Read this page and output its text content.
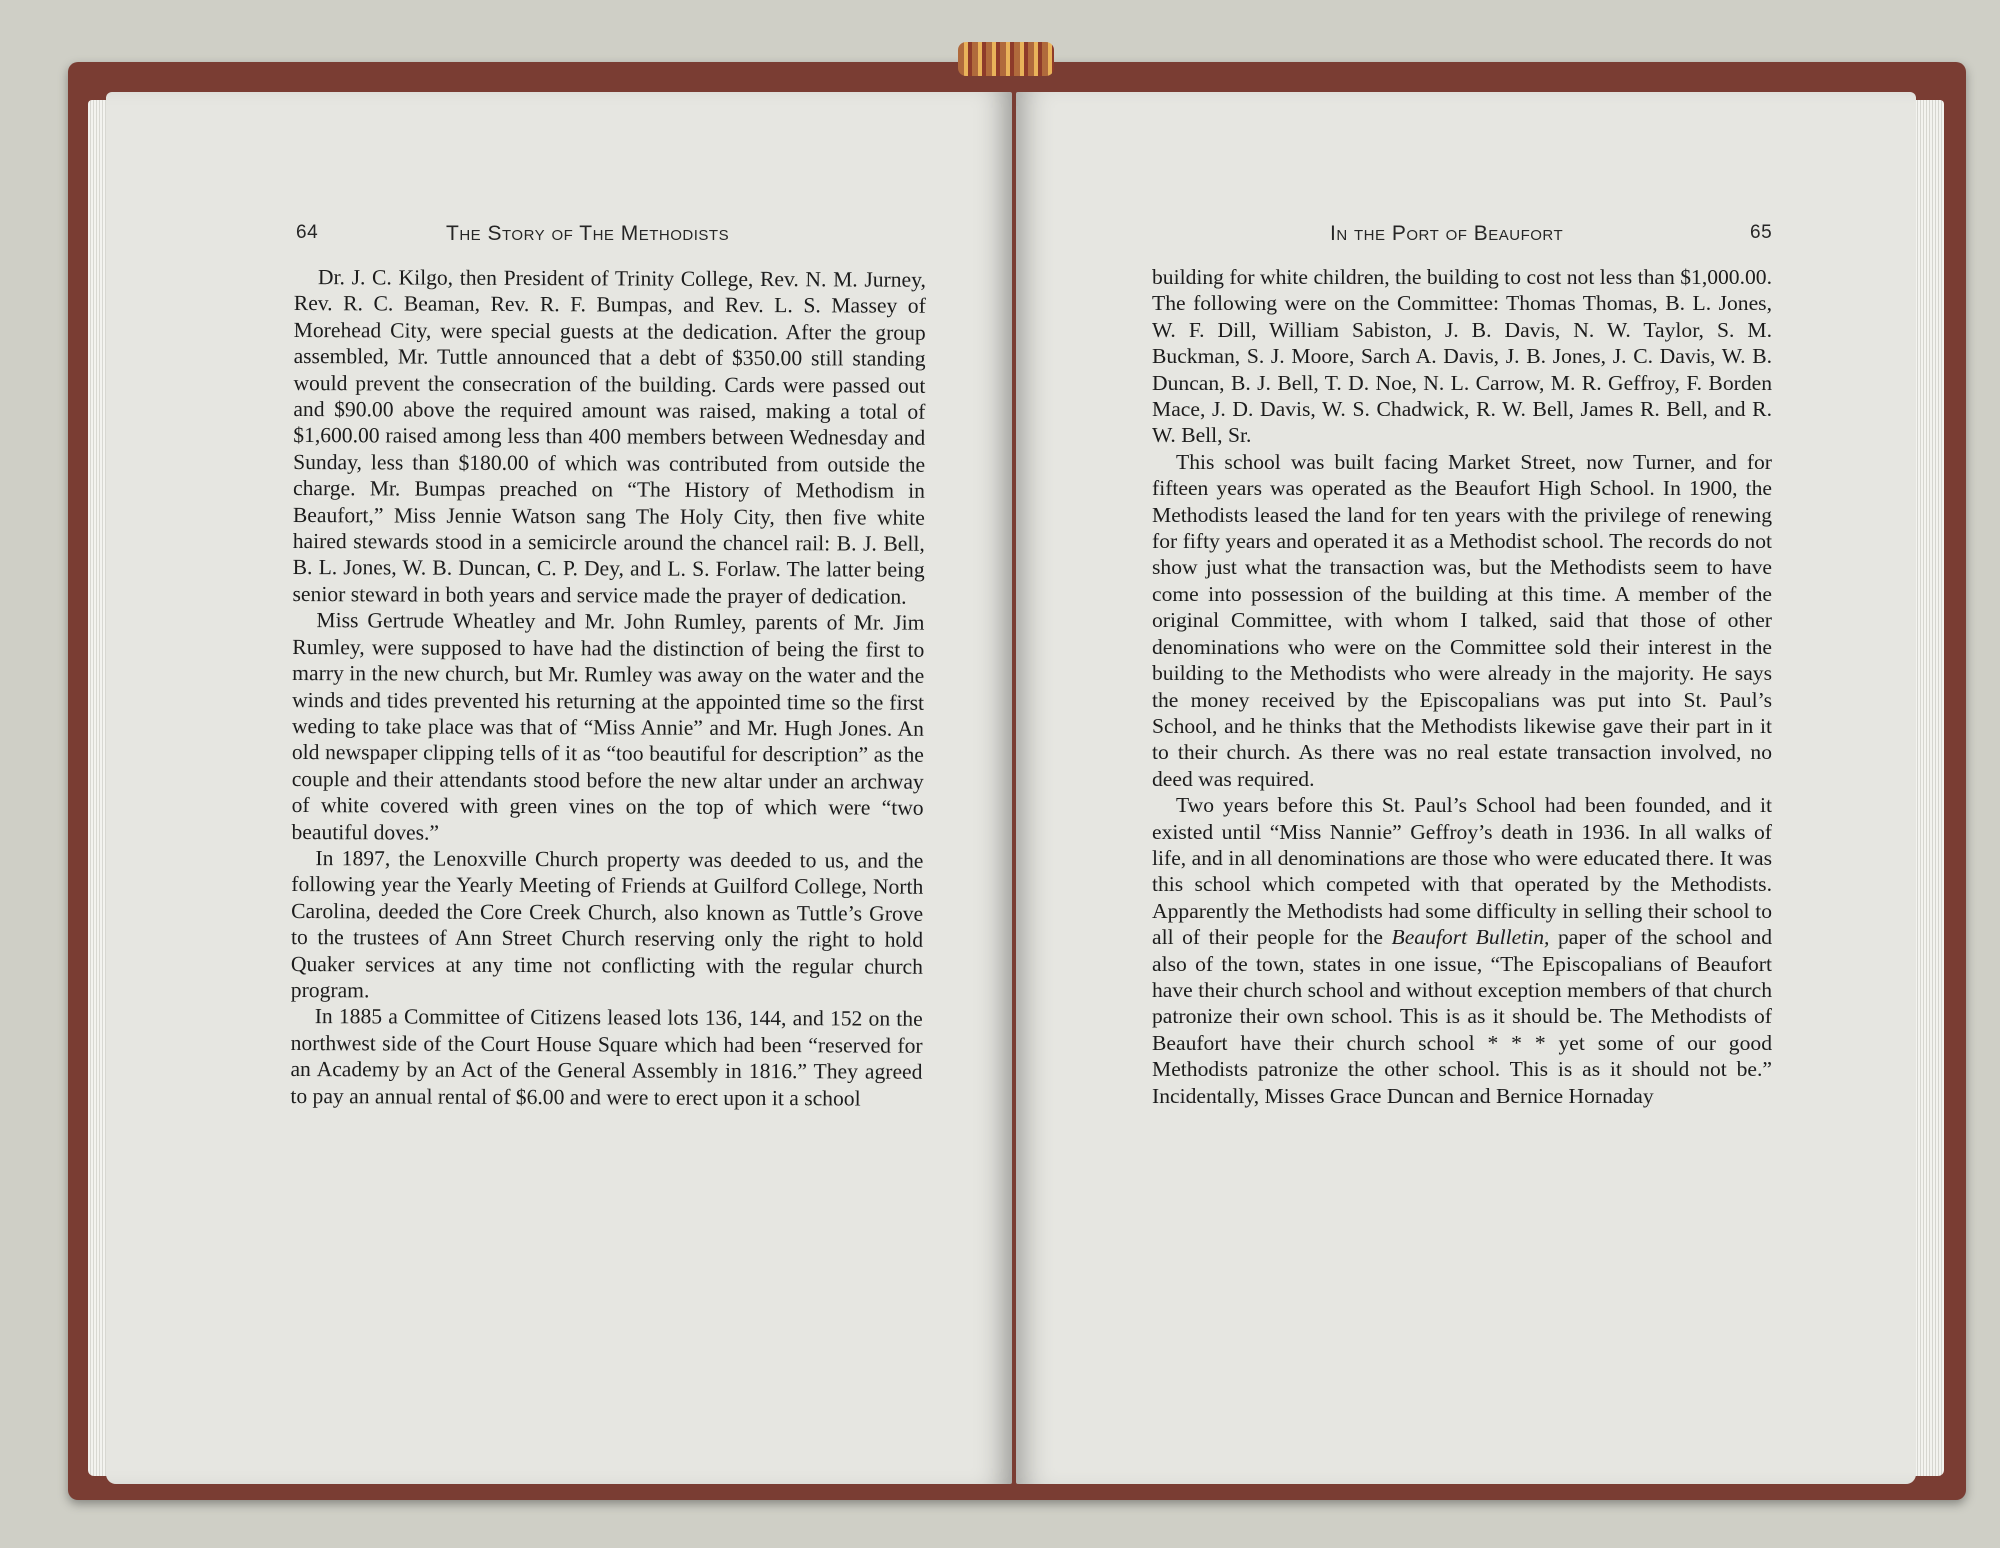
64	The Story of The Methodists

Dr. J. C. Kilgo, then President of Trinity College, Rev. N. M. Jurney, Rev. R. C. Beaman, Rev. R. F. Bumpas, and Rev. L. S. Massey of Morehead City, were special guests at the dedication. After the group assembled, Mr. Tuttle announced that a debt of $350.00 still standing would prevent the consecration of the building. Cards were passed out and $90.00 above the required amount was raised, making a total of $1,600.00 raised among less than 400 members between Wednesday and Sunday, less than $180.00 of which was contributed from outside the charge. Mr. Bumpas preached on “The History of Methodism in Beaufort,” Miss Jennie Watson sang The Holy City, then five white haired stewards stood in a semicircle around the chancel rail: B. J. Bell, B. L. Jones, W. B. Duncan, C. P. Dey, and L. S. Forlaw. The latter being senior steward in both years and service made the prayer of dedication.

Miss Gertrude Wheatley and Mr. John Rumley, parents of Mr. Jim Rumley, were supposed to have had the distinction of being the first to marry in the new church, but Mr. Rumley was away on the water and the winds and tides prevented his returning at the appointed time so the first weding to take place was that of “Miss Annie” and Mr. Hugh Jones. An old newspaper clipping tells of it as “too beautiful for description” as the couple and their attendants stood before the new altar under an archway of white covered with green vines on the top of which were “two beautiful doves.”

In 1897, the Lenoxville Church property was deeded to us, and the following year the Yearly Meeting of Friends at Guilford College, North Carolina, deeded the Core Creek Church, also known as Tuttle’s Grove to the trustees of Ann Street Church reserving only the right to hold Quaker services at any time not conflicting with the regular church program.

In 1885 a Committee of Citizens leased lots 136, 144, and 152 on the northwest side of the Court House Square which had been “reserved for an Academy by an Act of the General Assembly in 1816.” They agreed to pay an annual rental of $6.00 and were to erect upon it a school

In the Port of Beaufort	65

building for white children, the building to cost not less than $1,000.00. The following were on the Committee: Thomas Thomas, B. L. Jones, W. F. Dill, William Sabiston, J. B. Davis, N. W. Taylor, S. M. Buckman, S. J. Moore, Sarch A. Davis, J. B. Jones, J. C. Davis, W. B. Duncan, B. J. Bell, T. D. Noe, N. L. Carrow, M. R. Geffroy, F. Borden Mace, J. D. Davis, W. S. Chadwick, R. W. Bell, James R. Bell, and R. W. Bell, Sr.

This school was built facing Market Street, now Turner, and for fifteen years was operated as the Beaufort High School. In 1900, the Methodists leased the land for ten years with the privilege of renewing for fifty years and operated it as a Methodist school. The records do not show just what the transaction was, but the Methodists seem to have come into possession of the building at this time. A member of the original Committee, with whom I talked, said that those of other denominations who were on the Committee sold their interest in the building to the Methodists who were already in the majority. He says the money received by the Episcopalians was put into St. Paul’s School, and he thinks that the Methodists likewise gave their part in it to their church. As there was no real estate transaction involved, no deed was required.

Two years before this St. Paul’s School had been founded, and it existed until “Miss Nannie” Geffroy’s death in 1936. In all walks of life, and in all denominations are those who were educated there. It was this school which competed with that operated by the Methodists. Apparently the Methodists had some difficulty in selling their school to all of their people for the Beaufort Bulletin, paper of the school and also of the town, states in one issue, “The Episcopalians of Beaufort have their church school and without exception members of that church patronize their own school. This is as it should be. The Methodists of Beaufort have their church school * * * yet some of our good Methodists patronize the other school. This is as it should not be.” Incidentally, Misses Grace Duncan and Bernice Hornaday
